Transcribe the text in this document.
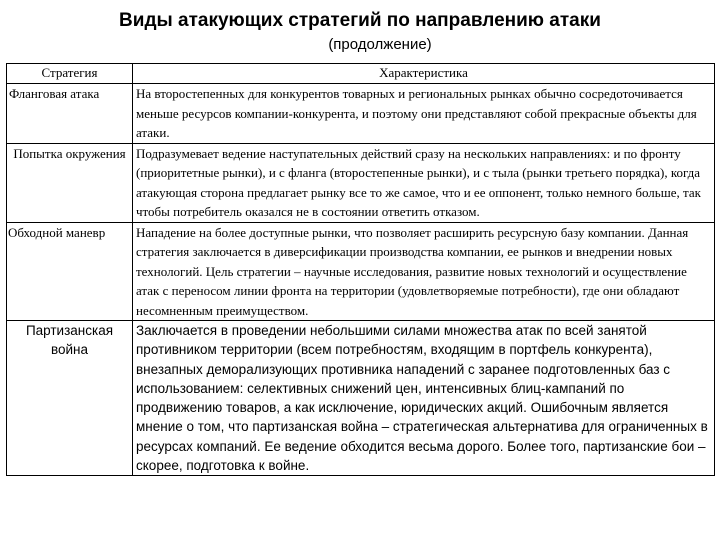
Виды атакующих стратегий по направлению атаки
(продолжение)
Стратегия	Характеристика
Фланговая атака	На второстепенных для конкурентов товарных и региональных рынках обычно сосредоточивается меньше ресурсов компании-конкурента, и поэтому они представляют собой прекрасные объекты для атаки.
Попытка окружения	Подразумевает ведение наступательных действий сразу на нескольких направлениях: и по фронту (приоритетные рынки), и с фланга (второстепенные рынки), и с тыла (рынки третьего порядка), когда атакующая сторона предлагает рынку все то же самое, что и ее оппонент, только немного больше, так чтобы потребитель оказался не в состоянии ответить отказом.
Обходной маневр	Нападение на более доступные рынки, что позволяет расширить ресурсную базу компании. Данная стратегия заключается в диверсификации производства компании, ее рынков и внедрении новых технологий. Цель стратегии – научные исследования, развитие новых технологий и осуществление атак с переносом линии фронта на территории (удовлетворяемые потребности), где они обладают несомненным преимуществом.
Партизанская война	Заключается в проведении небольшими силами множества атак по всей занятой противником территории (всем потребностям, входящим в портфель конкурента), внезапных деморализующих противника нападений с заранее подготовленных баз с использованием: селективных снижений цен, интенсивных блиц-кампаний по продвижению товаров, а как исключение, юридических акций. Ошибочным является мнение о том, что партизанская война – стратегическая альтернатива для ограниченных в ресурсах компаний. Ее ведение обходится весьма дорого. Более того, партизанские бои – скорее, подготовка к войне.
